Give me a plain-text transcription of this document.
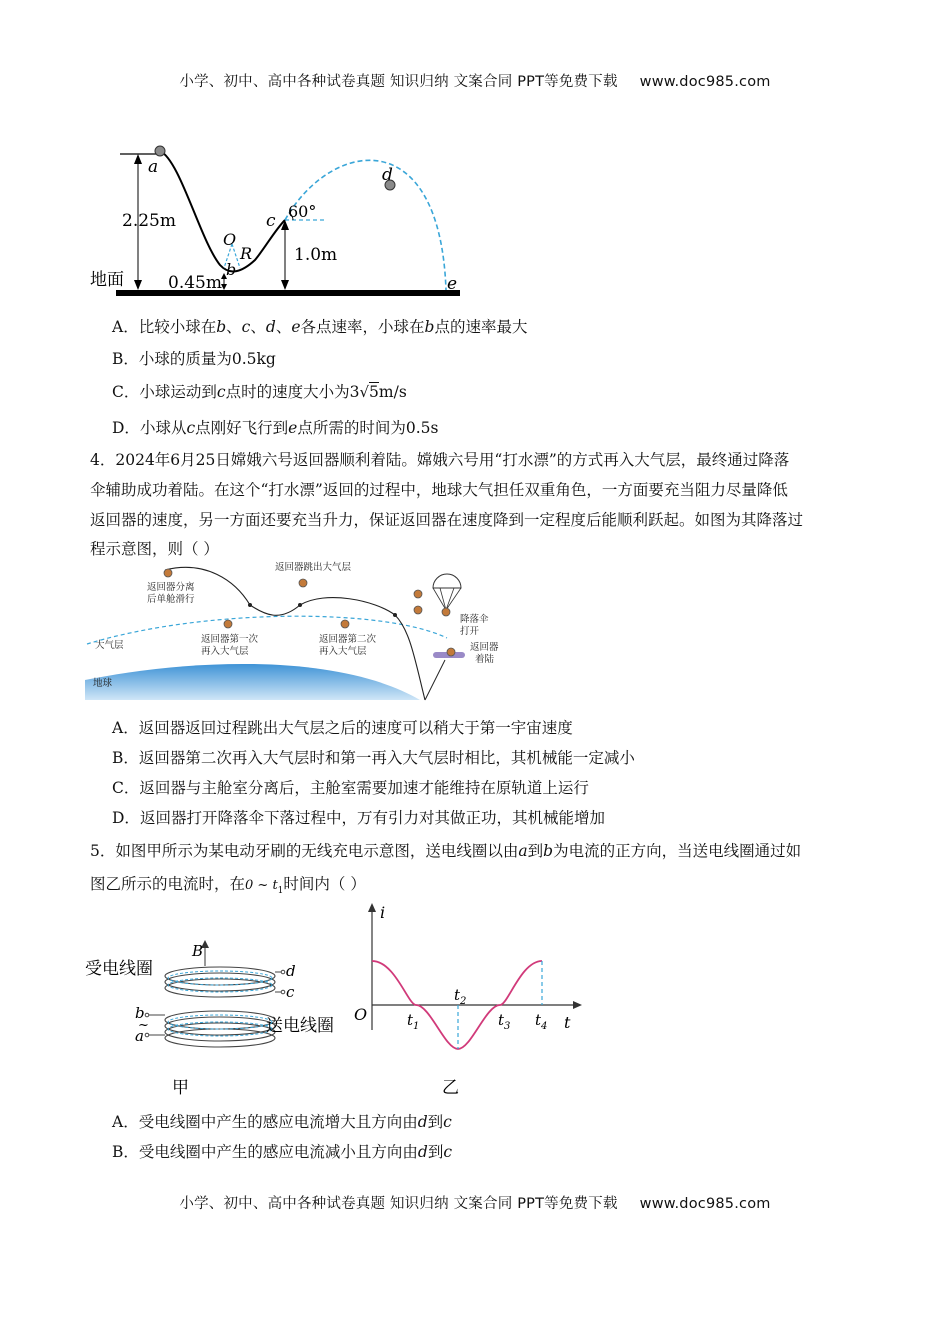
小学、初中、高中各种试卷真题 知识归纳 文案合同 PPT等免费下载 www.doc985.com
a	d
c
O
R
b
e
60°
2.25m
1.0m
0.45m
地面
A．比较小球在b、c、d、e各点速率，小球在b点的速率最大
B．小球的质量为0.5kg
C．小球运动到c点时的速度大小为3√5m/s
D．小球从c点刚好飞行到e点所需的时间为0.5s
4．2024年6月25日嫦娥六号返回器顺利着陆。嫦娥六号用“打水漂”的方式再入大气层，最终通过降落
伞辅助成功着陆。在这个“打水漂”返回的过程中，地球大气担任双重角色，一方面要充当阻力尽量降低
返回器的速度，另一方面还要充当升力，保证返回器在速度降到一定程度后能顺利跃起。如图为其降落过
程示意图，则（ ）
返回器分离
后单舱滑行
返回器跳出大气层
返回器第一次
再入大气层
返回器第二次
再入大气层
降落伞
打开
返回器
着陆
大气层
地球
A．返回器返回过程跳出大气层之后的速度可以稍大于第一宇宙速度
B．返回器第二次再入大气层时和第一再入大气层时相比，其机械能一定减小
C．返回器与主舱室分离后，主舱室需要加速才能维持在原轨道上运行
D．返回器打开降落伞下落过程中，万有引力对其做正功，其机械能增加
5．如图甲所示为某电动牙刷的无线充电示意图，送电线圈以由a到b为电流的正方向，当送电线圈通过如
图乙所示的电流时，在0 ~ $t_1$时间内（ ）
B
受电线圈
送电线圈
d
c
b
a
~
甲
i
O	t
$t_1$
$t_2$
$t_3$ $t_4$
乙
A．受电线圈中产生的感应电流增大且方向由d到c
B．受电线圈中产生的感应电流减小且方向由d到c
小学、初中、高中各种试卷真题 知识归纳 文案合同 PPT等免费下载 www.doc985.com
